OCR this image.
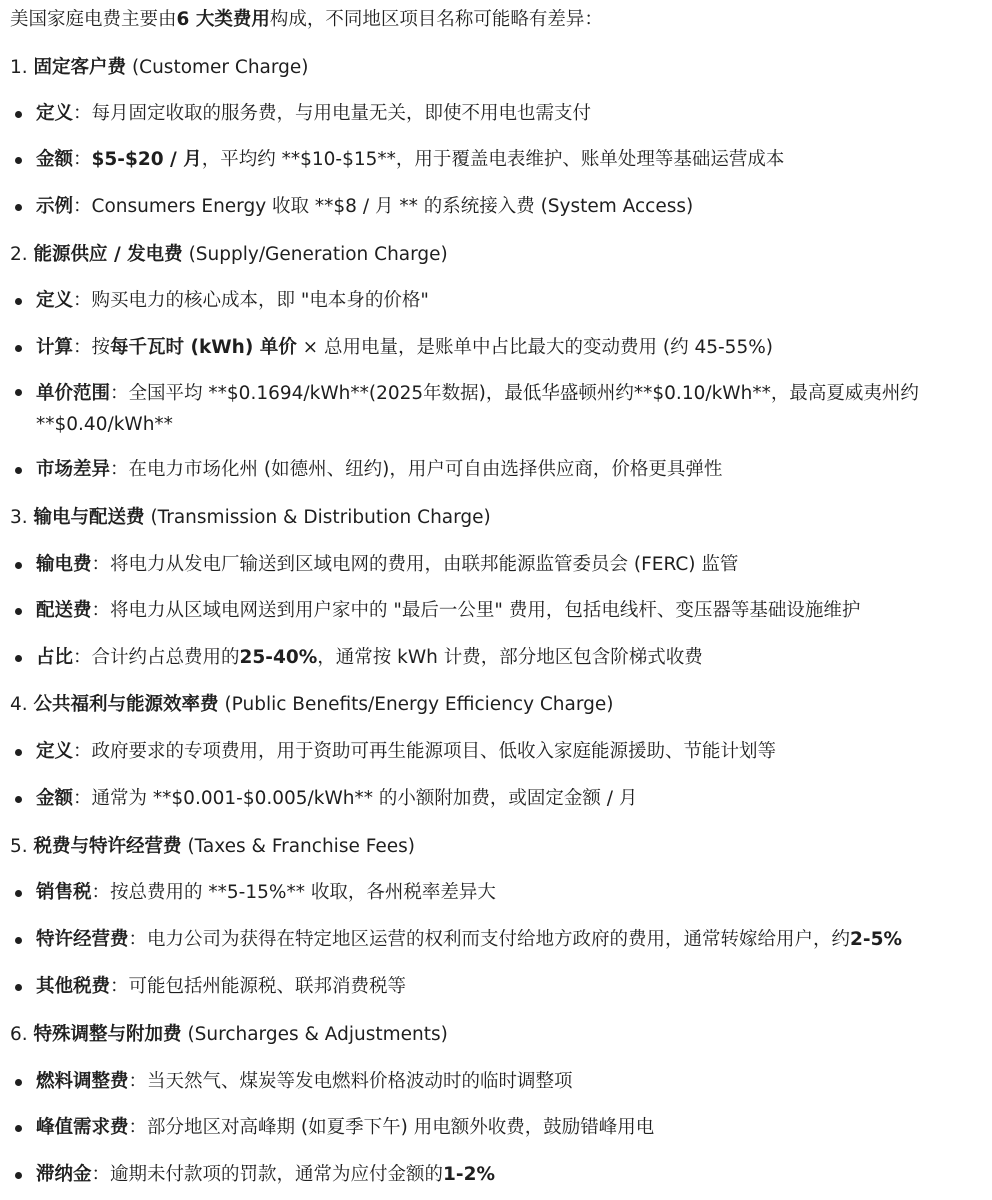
美国家庭电费主要由6 大类费用构成，不同地区项目名称可能略有差异：
1. 固定客户费 (Customer Charge)
定义：每月固定收取的服务费，与用电量无关，即使不用电也需支付
金额：$5-$20 / 月，平均约 **$10-$15**，用于覆盖电表维护、账单处理等基础运营成本
示例：Consumers Energy 收取 **$8 / 月 ** 的系统接入费 (System Access)
2. 能源供应 / 发电费 (Supply/Generation Charge)
定义：购买电力的核心成本，即 "电本身的价格"
计算：按每千瓦时 (kWh) 单价 × 总用电量，是账单中占比最大的变动费用 (约 45-55%)
单价范围：全国平均 **$0.1694/kWh**(2025年数据)，最低华盛顿州约**$0.10/kWh**，最高夏威夷州约 **$0.40/kWh**
市场差异：在电力市场化州 (如德州、纽约)，用户可自由选择供应商，价格更具弹性
3. 输电与配送费 (Transmission & Distribution Charge)
输电费：将电力从发电厂输送到区域电网的费用，由联邦能源监管委员会 (FERC) 监管
配送费：将电力从区域电网送到用户家中的 "最后一公里" 费用，包括电线杆、变压器等基础设施维护
占比：合计约占总费用的25-40%，通常按 kWh 计费，部分地区包含阶梯式收费
4. 公共福利与能源效率费 (Public Benefits/Energy Efficiency Charge)
定义：政府要求的专项费用，用于资助可再生能源项目、低收入家庭能源援助、节能计划等
金额：通常为 **$0.001-$0.005/kWh** 的小额附加费，或固定金额 / 月
5. 税费与特许经营费 (Taxes & Franchise Fees)
销售税：按总费用的 **5-15%** 收取，各州税率差异大
特许经营费：电力公司为获得在特定地区运营的权利而支付给地方政府的费用，通常转嫁给用户，约2-5%
其他税费：可能包括州能源税、联邦消费税等
6. 特殊调整与附加费 (Surcharges & Adjustments)
燃料调整费：当天然气、煤炭等发电燃料价格波动时的临时调整项
峰值需求费：部分地区对高峰期 (如夏季下午) 用电额外收费，鼓励错峰用电
滞纳金：逾期未付款项的罚款，通常为应付金额的1-2%
